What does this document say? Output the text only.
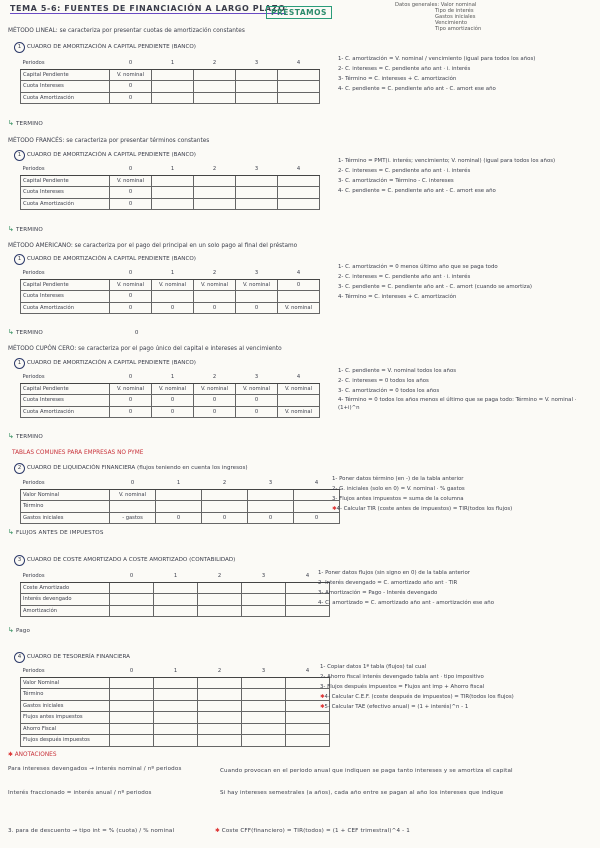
TEMA 5-6: FUENTES DE FINANCIACIÓN A LARGO PLAZO
PRÉSTAMOS
Datos generales: Valor nominal
Tipo de interés
Gastos iniciales
Vencimiento
Tipo amortización
MÉTODO LINEAL: se caracteriza por presentar cuotas de amortización constantes
1 CUADRO DE AMORTIZACIÓN A CAPITAL PENDIENTE (BANCO)
Periodos	0	1	2	3	4
Capital Pendiente	V. nominal				
Cuota Intereses	0				
Cuota Amortización	0				
↳ TERMINO
1- C. amortización = V. nominal / vencimiento (igual para todos los años)
2- C. intereses = C. pendiente año ant · i. interés
3- Término = C. intereses + C. amortización
4- C. pendiente = C. pendiente año ant - C. amort ese año
MÉTODO FRANCÉS: se caracteriza por presentar términos constantes
1 CUADRO DE AMORTIZACIÓN A CAPITAL PENDIENTE (BANCO)
Periodos	0	1	2	3	4
Capital Pendiente	V. nominal				
Cuota Intereses	0				
Cuota Amortización	0				
↳ TERMINO
1- Término = PMT(i. interés; vencimiento; V. nominal) (igual para todos los años)
2- C. intereses = C. pendiente año ant · i. interés
3- C. amortización = Término - C. intereses
4- C. pendiente = C. pendiente año ant - C. amort ese año
MÉTODO AMERICANO: se caracteriza por el pago del principal en un solo pago al final del préstamo
1 CUADRO DE AMORTIZACIÓN A CAPITAL PENDIENTE (BANCO)
Periodos	0	1	2	3	4
Capital Pendiente	V. nominal	V. nominal	V. nominal	V. nominal	0
Cuota Intereses	0				
Cuota Amortización	0	0	0	0	V. nominal
↳ TERMINO	0
1- C. amortización = 0 menos último año que se paga todo
2- C. intereses = C. pendiente año ant · i. interés
3- C. pendiente = C. pendiente año ant - C. amort (cuando se amortiza)
4- Término = C. intereses + C. amortización
MÉTODO CUPÓN CERO: se caracteriza por el pago único del capital e intereses al vencimiento
1 CUADRO DE AMORTIZACIÓN A CAPITAL PENDIENTE (BANCO)
Periodos	0	1	2	3	4
Capital Pendiente	V. nominal	V. nominal	V. nominal	V. nominal	V. nominal
Cuota Intereses	0	0	0	0	
Cuota Amortización	0	0	0	0	V. nominal
↳ TERMINO
1- C. pendiente = V. nominal todos los años
2- C. intereses = 0 todos los años
3- C. amortización = 0 todos los años
4- Término = 0 todos los años menos el último que se paga todo: Término = V. nominal · (1+i)^n
TABLAS COMUNES PARA EMPRESAS NO PYME
2 CUADRO DE LIQUIDACIÓN FINANCIERA (flujos teniendo en cuenta los ingresos)
Periodos	0	1	2	3	4
Valor Nominal	V. nominal				
Término					
Gastos iniciales	- gastos	0	0	0	0
↳ FLUJOS ANTES DE IMPUESTOS
1- Poner datos término (en -) de la tabla anterior
2- G. iniciales (solo en 0) = V. nominal · % gastos
3- Flujos antes impuestos = suma de la columna
✱4- Calcular TIR (coste antes de impuestos) = TIR(todos los flujos)
3 CUADRO DE COSTE AMORTIZADO A COSTE AMORTIZADO (CONTABILIDAD)
Periodos	0	1	2	3	4
Coste Amortizado					
Interés devengado					
Amortización					
↳ Pago
1- Poner datos flujos (sin signo en 0) de la tabla anterior
2- Interés devengado = C. amortizado año ant · TIR
3- Amortización = Pago - Interés devengado
4- C. amortizado = C. amortizado año ant - amortización ese año
4 CUADRO DE TESORERÍA FINANCIERA
Periodos	0	1	2	3	4
Valor Nominal					
Término					
Gastos iniciales					
Flujos antes impuestos					
Ahorro Fiscal					
Flujos después impuestos					
1- Copiar datos 1ª tabla (flujos) tal cual
2- Ahorro fiscal interés devengado tabla ant · tipo impositivo
3- Flujos después impuestos = Flujos ant imp + Ahorro fiscal
✱4- Calcular C.E.F. (coste después de impuestos) = TIR(todos los flujos)
✱5- Calcular TAE (efectivo anual) = (1 + interés)^n - 1
✱ ANOTACIONES
Para intereses devengados → interés nominal / nº periodos
Interés fraccionado = interés anual / nº periodos
Cuando provocan en el periodo anual que indiquen se paga tanto intereses y se amortiza el capital
Si hay intereses semestrales (a años), cada año entre se pagan al año los intereses que indique
3. para de descuento → tipo int = % (cuota) / % nominal	✱ Coste CFF(financiero) = TIR(todos) = (1 + CEF trimestral)^4 - 1
